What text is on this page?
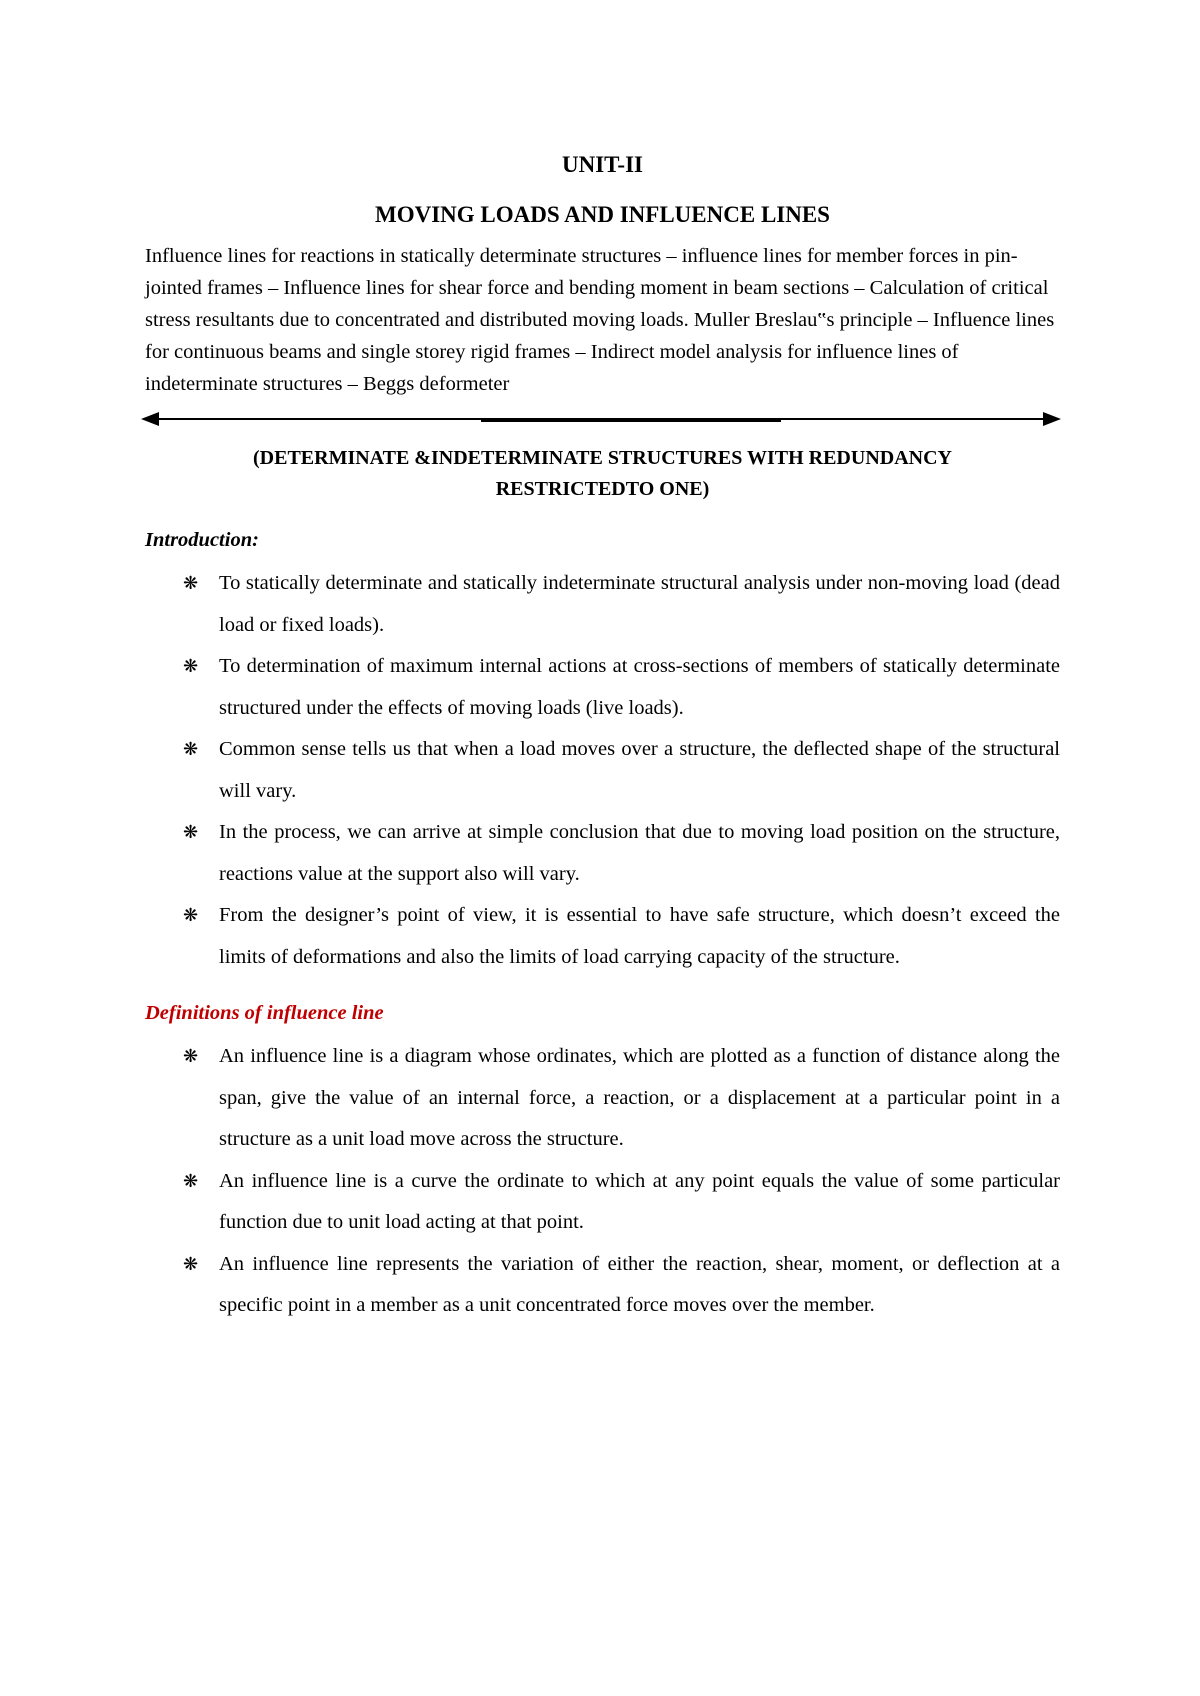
UNIT-II
MOVING LOADS AND INFLUENCE LINES

Influence lines for reactions in statically determinate structures – influence lines for member forces in pin-jointed frames – Influence lines for shear force and bending moment in beam sections – Calculation of critical stress resultants due to concentrated and distributed moving loads. Muller Breslau‟s principle – Influence lines for continuous beams and single storey rigid frames – Indirect model analysis for influence lines of indeterminate structures – Beggs deformeter

(DETERMINATE &INDETERMINATE STRUCTURES WITH REDUNDANCY
RESTRICTEDTO ONE)

Introduction:
❋ To statically determinate and statically indeterminate structural analysis under non-moving load (dead load or fixed loads).
❋ To determination of maximum internal actions at cross-sections of members of statically determinate structured under the effects of moving loads (live loads).
❋ Common sense tells us that when a load moves over a structure, the deflected shape of the structural will vary.
❋ In the process, we can arrive at simple conclusion that due to moving load position on the structure, reactions value at the support also will vary.
❋ From the designer’s point of view, it is essential to have safe structure, which doesn’t exceed the limits of deformations and also the limits of load carrying capacity of the structure.
Definitions of influence line
❋ An influence line is a diagram whose ordinates, which are plotted as a function of distance along the span, give the value of an internal force, a reaction, or a displacement at a particular point in a structure as a unit load move across the structure.
❋ An influence line is a curve the ordinate to which at any point equals the value of some particular function due to unit load acting at that point.
❋ An influence line represents the variation of either the reaction, shear, moment, or deflection at a specific point in a member as a unit concentrated force moves over the member.
